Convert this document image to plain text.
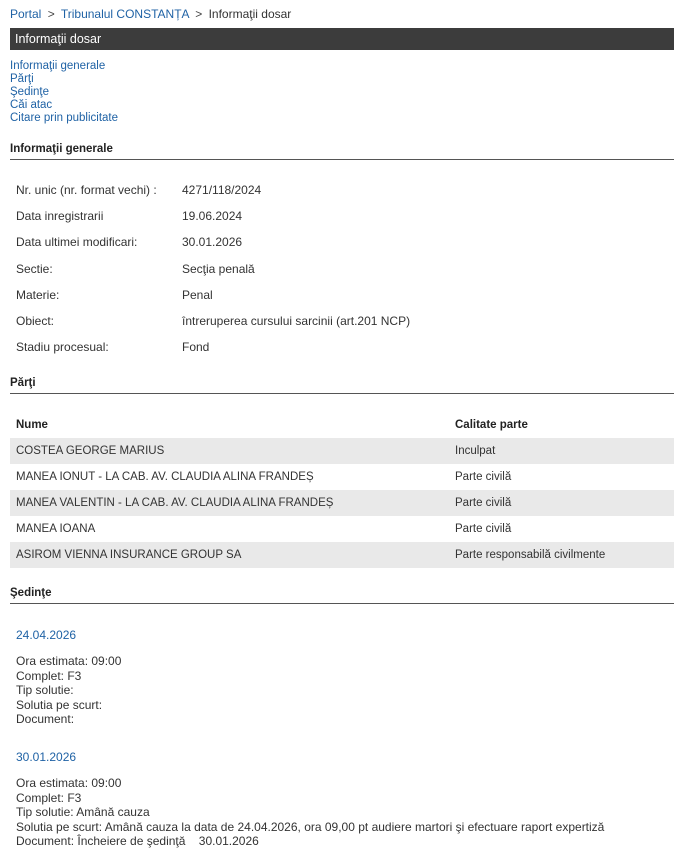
Portal > Tribunalul CONSTANȚA > Informaţii dosar
Informaţii dosar
Informaţii generale
Părţi
Şedinţe
Căi atac
Citare prin publicitate
Informaţii generale
Nr. unic (nr. format vechi) : 4271/118/2024
Data inregistrarii	19.06.2024
Data ultimei modificari:	30.01.2026
Sectie:	Secţia penală
Materie:	Penal
Obiect:	întreruperea cursului sarcinii (art.201 NCP)
Stadiu procesual:	Fond
Părţi
Nume	Calitate parte
COSTEA GEORGE MARIUS	Inculpat
MANEA IONUT - LA CAB. AV. CLAUDIA ALINA FRANDEȘ	Parte civilă
MANEA VALENTIN - LA CAB. AV. CLAUDIA ALINA FRANDEȘ	Parte civilă
MANEA IOANA	Parte civilă
ASIROM VIENNA INSURANCE GROUP SA	Parte responsabilă civilmente
Şedinţe
24.04.2026
Ora estimata: 09:00
Complet: F3
Tip solutie:
Solutia pe scurt:
Document:
30.01.2026
Ora estimata: 09:00
Complet: F3
Tip solutie: Amână cauza
Solutia pe scurt: Amână cauza la data de 24.04.2026, ora 09,00 pt audiere martori şi efectuare raport expertiză
Document: Încheiere de şedinţă    30.01.2026
